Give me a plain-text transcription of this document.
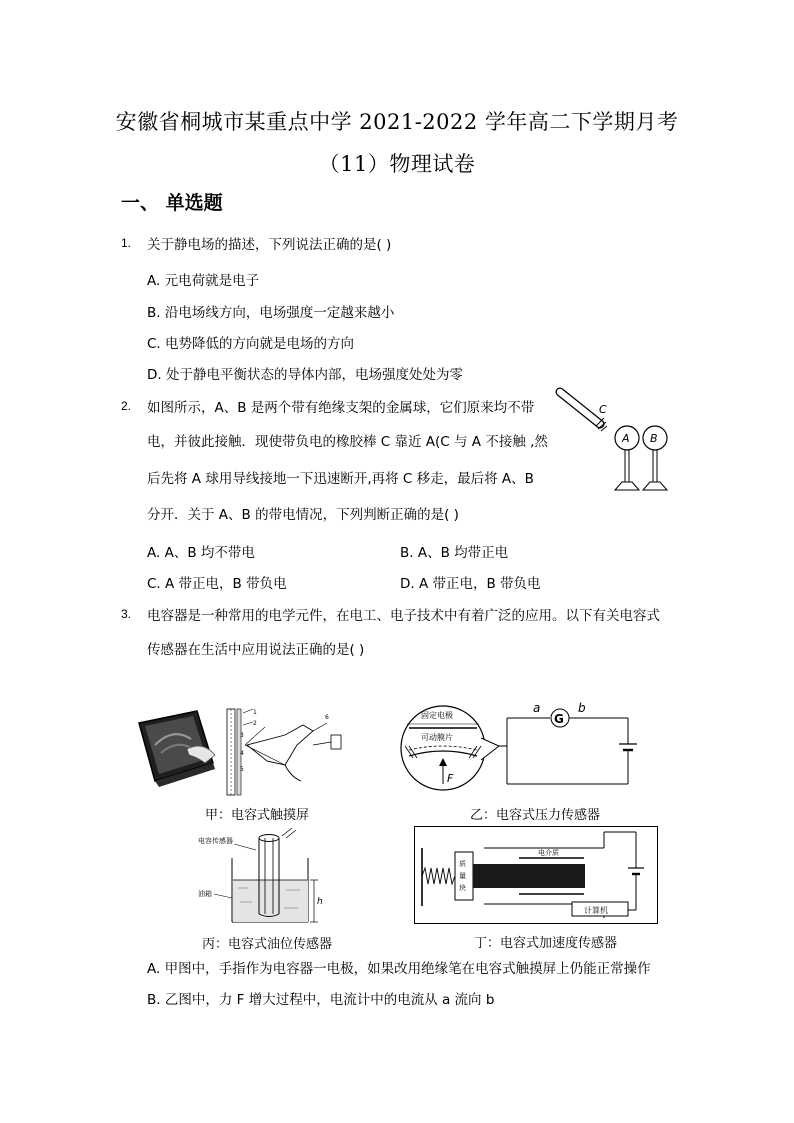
安徽省桐城市某重点中学 2021-2022 学年高二下学期月考
（11）物理试卷
一、 单选题
1. 关于静电场的描述，下列说法正确的是( )
A. 元电荷就是电子
B. 沿电场线方向，电场强度一定越来越小
C. 电势降低的方向就是电场的方向
D. 处于静电平衡状态的导体内部，电场强度处处为零
2. 如图所示，A、B 是两个带有绝缘支架的金属球，它们原来均不带
电，并彼此接触．现使带负电的橡胶棒 C 靠近 A(C 与 A 不接触 ,然
后先将 A 球用导线接地一下迅速断开,再将 C 移走，最后将 A、B
分开．关于 A、B 的带电情况，下列判断正确的是( )
A. A、B 均不带电	B. A、B 均带正电
C. A 带正电，B 带负电	D. A 带正电，B 带负电
C
A B
3. 电容器是一种常用的电学元件，在电工、电子技术中有着广泛的应用。以下有关电容式
传感器在生活中应用说法正确的是( )
1
2
3
4
5
6
甲：电容式触摸屏
固定电极
可动膜片
F
G
a	b
乙：电容式压力传感器
电容传感器
油箱
h
丙：电容式油位传感器
质
量
块
电介质
计算机
丁：电容式加速度传感器
A. 甲图中，手指作为电容器一电极，如果改用绝缘笔在电容式触摸屏上仍能正常操作
B. 乙图中，力 F 增大过程中，电流计中的电流从 a 流向 b
